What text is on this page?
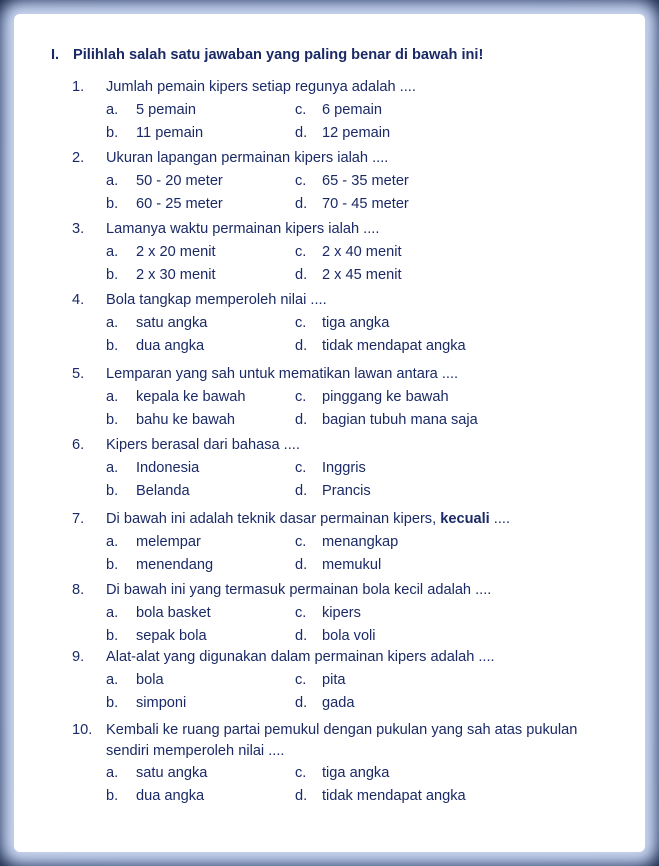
I. Pilihlah salah satu jawaban yang paling benar di bawah ini!
1. Jumlah pemain kipers setiap regunya adalah ....
a. 5 pemain	c. 6 pemain
b. 11 pemain	d. 12 pemain
2. Ukuran lapangan permainan kipers ialah ....
a. 50 - 20 meter	c. 65 - 35 meter
b. 60 - 25 meter	d. 70 - 45 meter
3. Lamanya waktu permainan kipers ialah ....
a. 2 x 20 menit	c. 2 x 40 menit
b. 2 x 30 menit	d. 2 x 45 menit
4. Bola tangkap memperoleh nilai ....
a. satu angka	c. tiga angka
b. dua angka	d. tidak mendapat angka
5. Lemparan yang sah untuk mematikan lawan antara ....
a. kepala ke bawah	c. pinggang ke bawah
b. bahu ke bawah	d. bagian tubuh mana saja
6. Kipers berasal dari bahasa ....
a. Indonesia	c. Inggris
b. Belanda	d. Prancis
7. Di bawah ini adalah teknik dasar permainan kipers, kecuali ....
a. melempar	c. menangkap
b. menendang	d. memukul
8. Di bawah ini yang termasuk permainan bola kecil adalah ....
a. bola basket	c. kipers
b. sepak bola	d. bola voli
9. Alat-alat yang digunakan dalam permainan kipers adalah ....
a. bola	c. pita
b. simponi	d. gada
10. Kembali ke ruang partai pemukul dengan pukulan yang sah atas pukulan
sendiri memperoleh nilai ....
a. satu angka	c. tiga angka
b. dua angka	d. tidak mendapat angka
